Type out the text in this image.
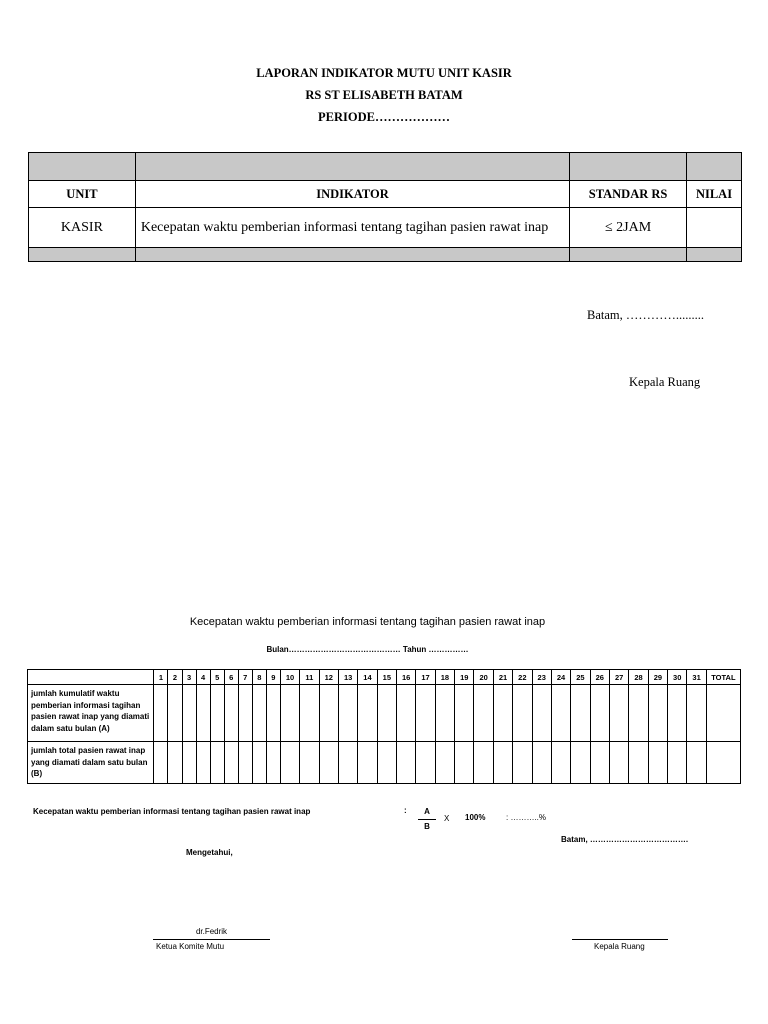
LAPORAN INDIKATOR MUTU UNIT KASIR
RS ST ELISABETH BATAM
PERIODE………………

UNIT	INDIKATOR	STANDAR RS	NILAI
KASIR	Kecepatan waktu pemberian informasi tentang tagihan pasien rawat inap	≤ 2JAM	

Batam, ………….........
Kepala Ruang
Kecepatan waktu pemberian informasi tentang tagihan pasien rawat inap
Bulan…………………………………… Tahun ……………
	1	2	3	4	5	6	7	8	9	10	11	12	13	14	15	16	17	18	19	20	21	22	23	24	25	26	27	28	29	30	31	TOTAL
jumlah kumulatif waktu pemberian informasi tagihan pasien rawat inap yang diamati dalam satu bulan (A)																																
jumlah total pasien rawat inap yang diamati dalam satu bulan (B)																																
Kecepatan waktu pemberian informasi tentang tagihan pasien rawat inap	:	A
B
X 100%	: ………..%
Batam, ……………………………….
Mengetahui,
dr.Fedrik
Ketua Komite Mutu	Kepala Ruang
